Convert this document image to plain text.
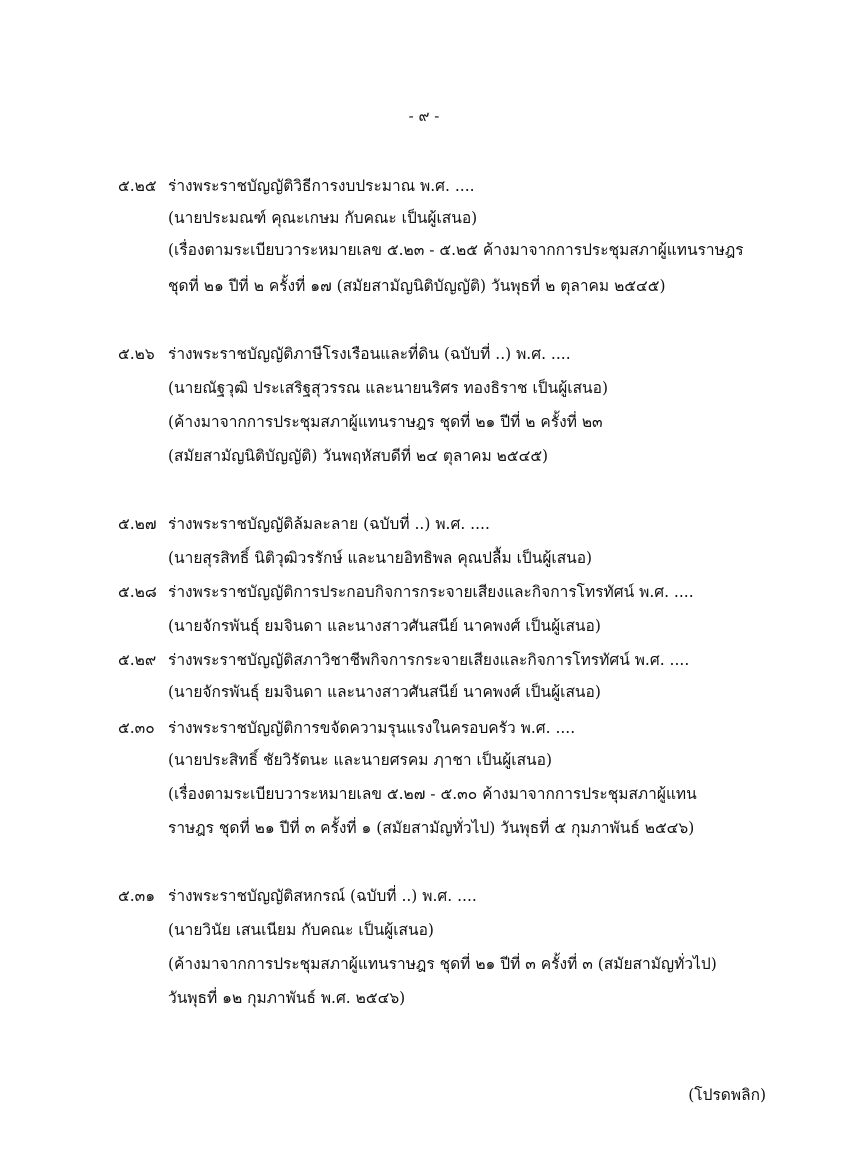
- ๙ -
๕.๒๕ ร่างพระราชบัญญัติวิธีการงบประมาณ พ.ศ. ....
(นายประมณฑ์ คุณะเกษม กับคณะ เป็นผู้เสนอ)
(เรื่องตามระเบียบวาระหมายเลข ๕.๒๓ - ๕.๒๕ ค้างมาจากการประชุมสภาผู้แทนราษฎร
ชุดที่ ๒๑ ปีที่ ๒ ครั้งที่ ๑๗ (สมัยสามัญนิติบัญญัติ) วันพุธที่ ๒ ตุลาคม ๒๕๔๕)
๕.๒๖ ร่างพระราชบัญญัติภาษีโรงเรือนและที่ดิน (ฉบับที่ ..) พ.ศ. ....
(นายณัฐวุฒิ ประเสริฐสุวรรณ และนายนริศร ทองธิราช เป็นผู้เสนอ)
(ค้างมาจากการประชุมสภาผู้แทนราษฎร ชุดที่ ๒๑ ปีที่ ๒ ครั้งที่ ๒๓
(สมัยสามัญนิติบัญญัติ) วันพฤหัสบดีที่ ๒๔ ตุลาคม ๒๕๔๕)
๕.๒๗ ร่างพระราชบัญญัติล้มละลาย (ฉบับที่ ..) พ.ศ. ....
(นายสุรสิทธิ์ นิติวุฒิวรรักษ์ และนายอิทธิพล คุณปลื้ม เป็นผู้เสนอ)
๕.๒๘ ร่างพระราชบัญญัติการประกอบกิจการกระจายเสียงและกิจการโทรทัศน์ พ.ศ. ....
(นายจักรพันธุ์ ยมจินดา และนางสาวศันสนีย์ นาคพงศ์ เป็นผู้เสนอ)
๕.๒๙ ร่างพระราชบัญญัติสภาวิชาชีพกิจการกระจายเสียงและกิจการโทรทัศน์ พ.ศ. ....
(นายจักรพันธุ์ ยมจินดา และนางสาวศันสนีย์ นาคพงศ์ เป็นผู้เสนอ)
๕.๓๐ ร่างพระราชบัญญัติการขจัดความรุนแรงในครอบครัว พ.ศ. ....
(นายประสิทธิ์ ชัยวิรัตนะ และนายศรคม ฦาชา เป็นผู้เสนอ)
(เรื่องตามระเบียบวาระหมายเลข ๕.๒๗ - ๕.๓๐ ค้างมาจากการประชุมสภาผู้แทน
ราษฎร ชุดที่ ๒๑ ปีที่ ๓ ครั้งที่ ๑ (สมัยสามัญทั่วไป) วันพุธที่ ๕ กุมภาพันธ์ ๒๕๔๖)
๕.๓๑ ร่างพระราชบัญญัติสหกรณ์ (ฉบับที่ ..) พ.ศ. ....
(นายวินัย เสนเนียม กับคณะ เป็นผู้เสนอ)
(ค้างมาจากการประชุมสภาผู้แทนราษฎร ชุดที่ ๒๑ ปีที่ ๓ ครั้งที่ ๓ (สมัยสามัญทั่วไป)
วันพุธที่ ๑๒ กุมภาพันธ์ พ.ศ. ๒๕๔๖)
(โปรดพลิก)
